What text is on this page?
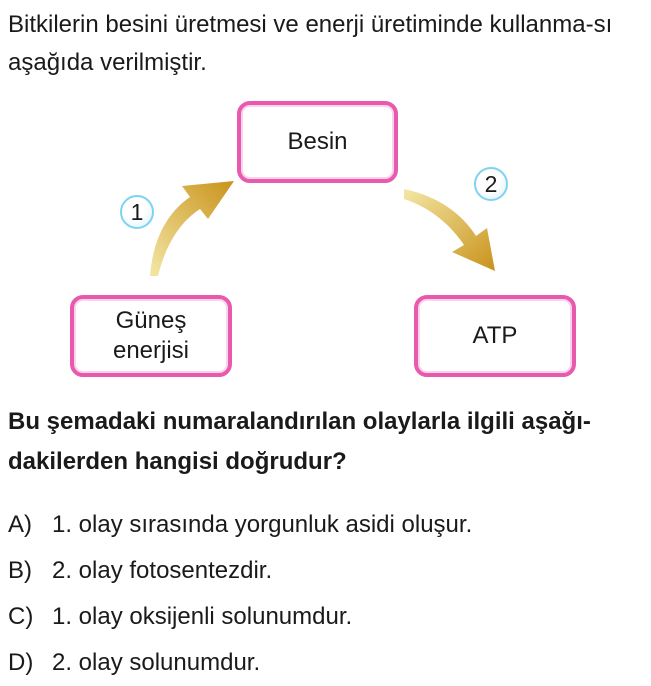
Bitkilerin besini üretmesi ve enerji üretiminde kullanma-sı aşağıda verilmiştir.
Besin
Güneş
enerjisi
ATP
1
2
Bu şemadaki numaralandırılan olaylarla ilgili aşağı-dakilerden hangisi doğrudur?
A) 1. olay sırasında yorgunluk asidi oluşur.
B) 2. olay fotosentezdir.
C) 1. olay oksijenli solunumdur.
D) 2. olay solunumdur.
